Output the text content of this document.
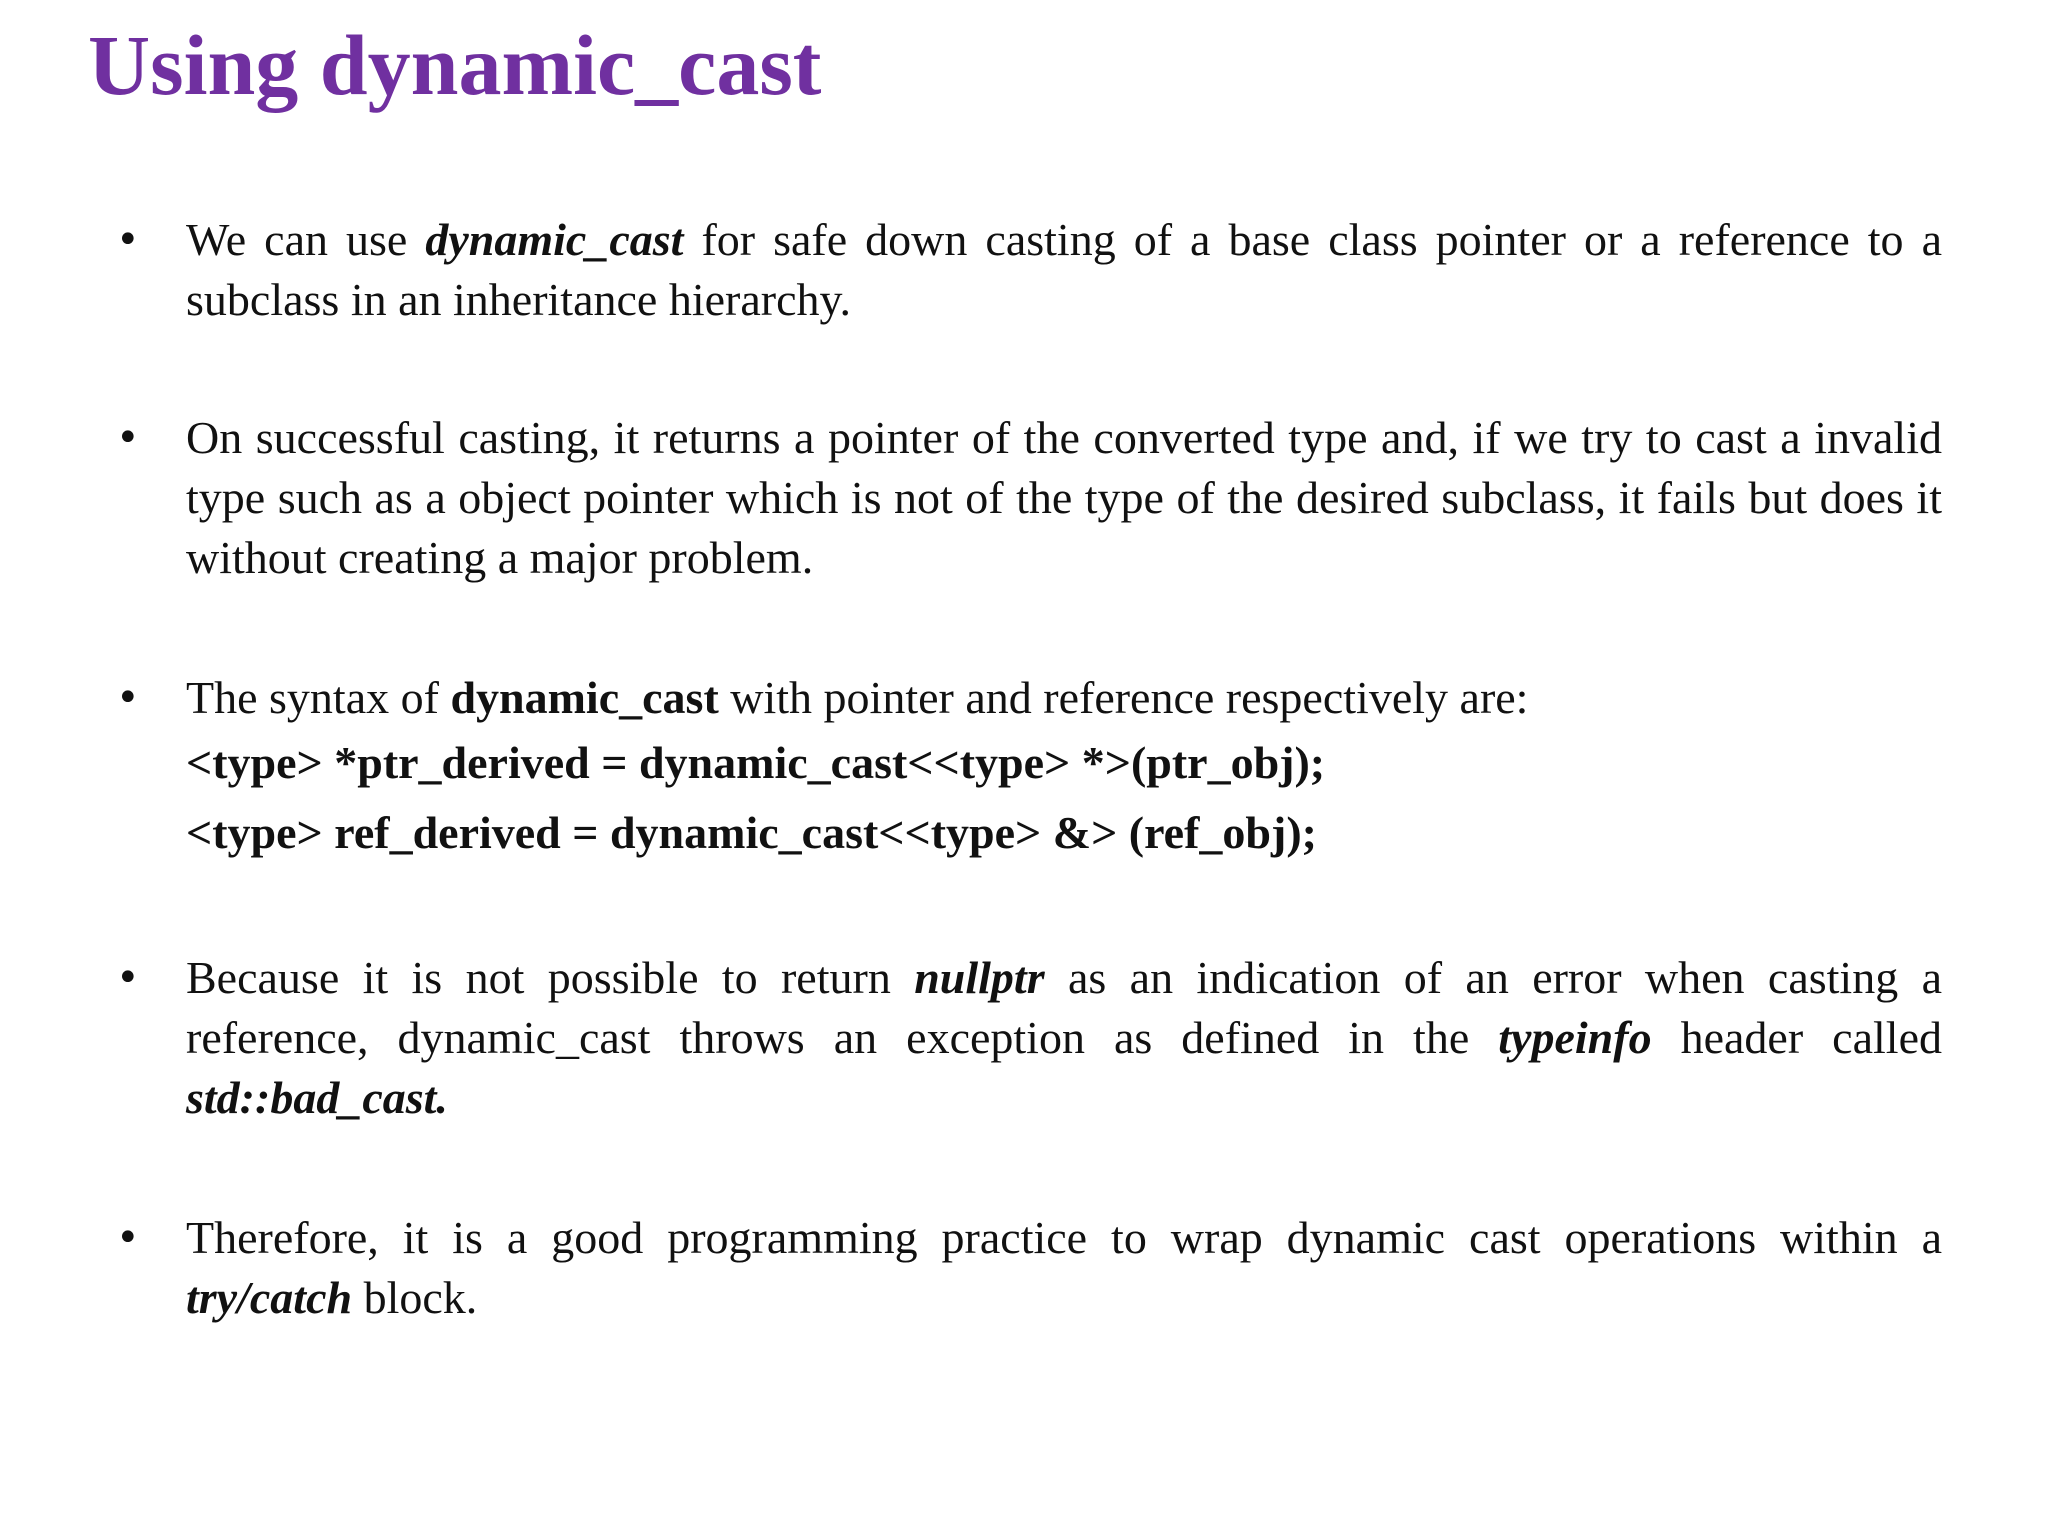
Using dynamic_cast
• We can use dynamic_cast for safe down casting of a base class pointer or a reference to a subclass in an inheritance hierarchy.
• On successful casting, it returns a pointer of the converted type and, if we try to cast a invalid type such as a object pointer which is not of the type of the desired subclass, it fails but does it without creating a major problem.
• The syntax of dynamic_cast with pointer and reference respectively are:
<type> *ptr_derived = dynamic_cast<<type> *>(ptr_obj);
<type> ref_derived = dynamic_cast<<type> &> (ref_obj);
• Because it is not possible to return nullptr as an indication of an error when casting a reference, dynamic_cast throws an exception as defined in the typeinfo header called std::bad_cast.
• Therefore, it is a good programming practice to wrap dynamic cast operations within a try/catch block.
